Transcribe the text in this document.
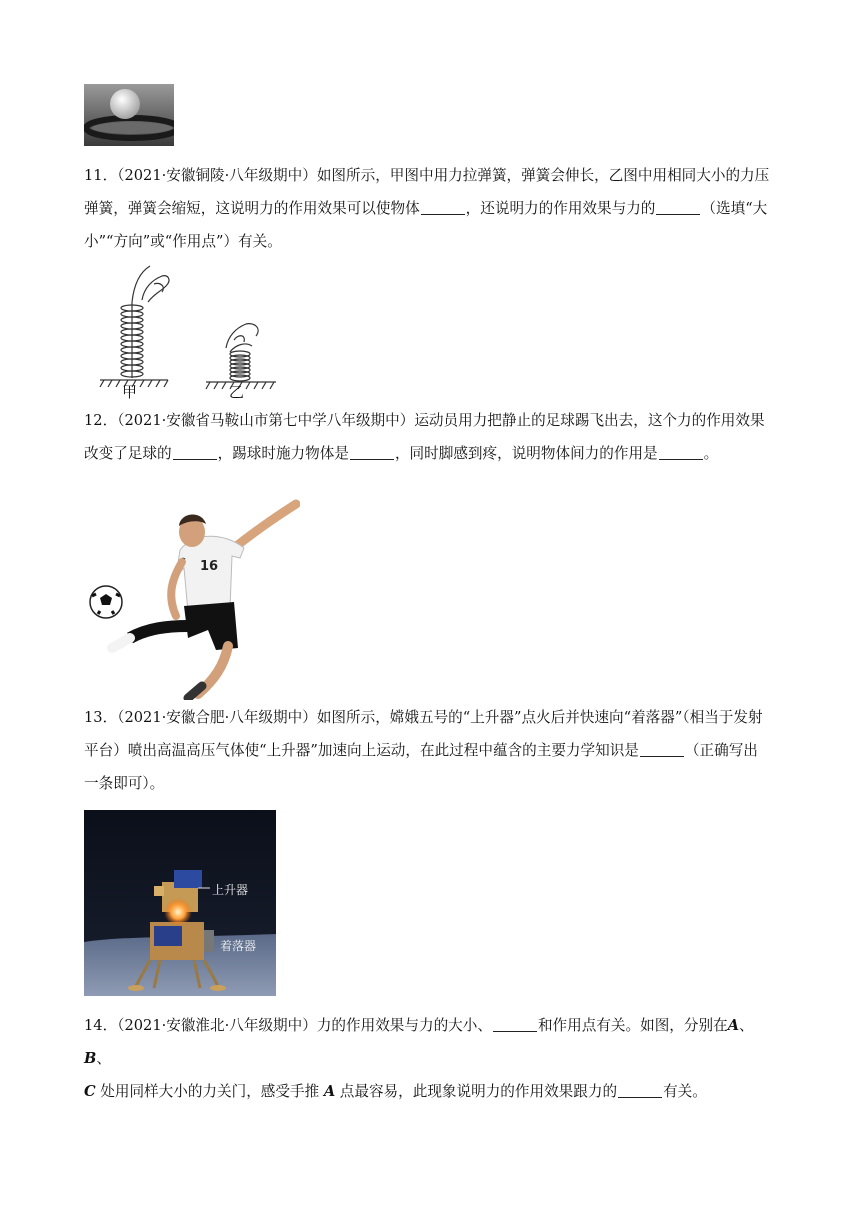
11．（2021·安徽铜陵·八年级期中）如图所示，甲图中用力拉弹簧，弹簧会伸长，乙图中用相同大小的力压
弹簧，弹簧会缩短，这说明力的作用效果可以使物体	，还说明力的作用效果与力的	（选填“大
小”“方向”或“作用点”）有关。
甲	乙
12．（2021·安徽省马鞍山市第七中学八年级期中）运动员用力把静止的足球踢飞出去，这个力的作用效果
改变了足球的	，踢球时施力物体是	，同时脚感到疼，说明物体间力的作用是	。
16
13．（2021·安徽合肥·八年级期中）如图所示，嫦娥五号的“上升器”点火后并快速向“着落器”（相当于发射
平台）喷出高温高压气体使“上升器”加速向上运动，在此过程中蕴含的主要力学知识是	（正确写出
一条即可）。
上升器
着落器
14．（2021·安徽淮北·八年级期中）力的作用效果与力的大小、	和作用点有关。如图，分别在A、B、
C 处用同样大小的力关门，感受手推 A 点最容易，此现象说明力的作用效果跟力的	有关。
